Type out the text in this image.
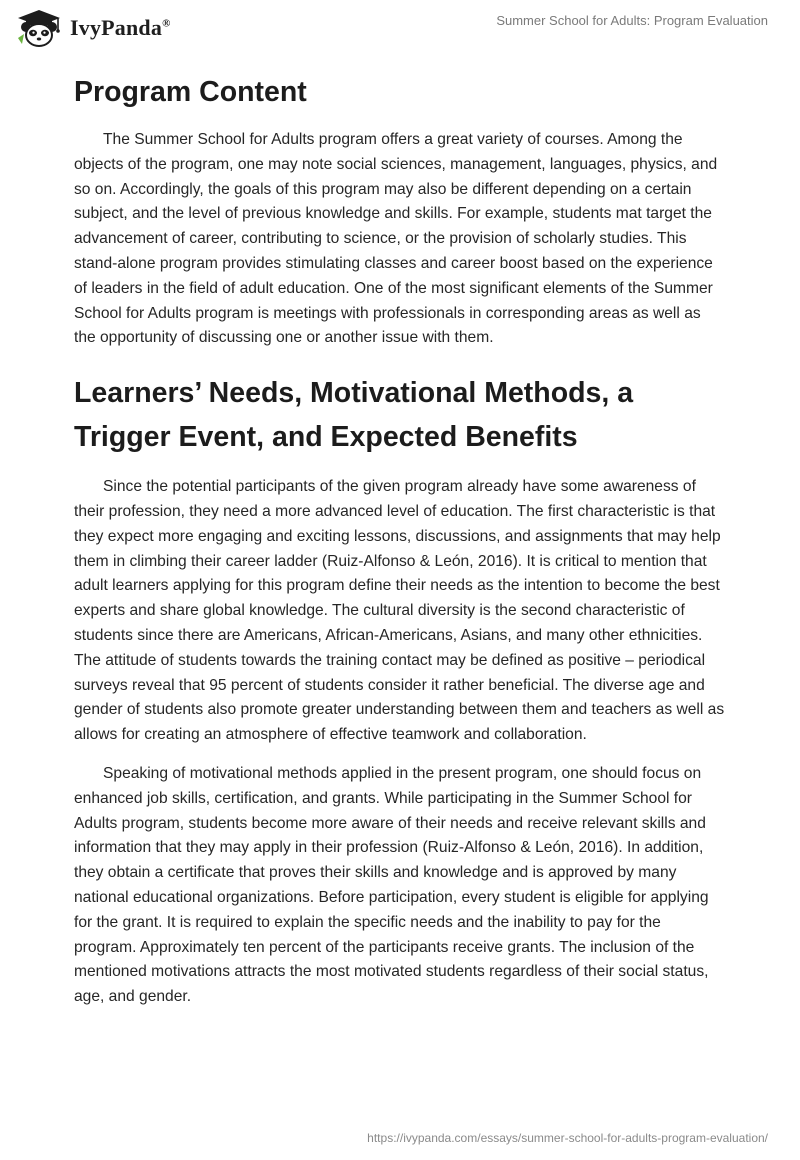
IvyPanda®	Summer School for Adults: Program Evaluation
Program Content

The Summer School for Adults program offers a great variety of courses. Among the objects of the program, one may note social sciences, management, languages, physics, and so on. Accordingly, the goals of this program may also be different depending on a certain subject, and the level of previous knowledge and skills. For example, students mat target the advancement of career, contributing to science, or the provision of scholarly studies. This stand-alone program provides stimulating classes and career boost based on the experience of leaders in the field of adult education. One of the most significant elements of the Summer School for Adults program is meetings with professionals in corresponding areas as well as the opportunity of discussing one or another issue with them.

Learners’ Needs, Motivational Methods, a Trigger Event, and Expected Benefits

Since the potential participants of the given program already have some awareness of their profession, they need a more advanced level of education. The first characteristic is that they expect more engaging and exciting lessons, discussions, and assignments that may help them in climbing their career ladder (Ruiz-Alfonso & León, 2016). It is critical to mention that adult learners applying for this program define their needs as the intention to become the best experts and share global knowledge. The cultural diversity is the second characteristic of students since there are Americans, African-Americans, Asians, and many other ethnicities. The attitude of students towards the training contact may be defined as positive – periodical surveys reveal that 95 percent of students consider it rather beneficial. The diverse age and gender of students also promote greater understanding between them and teachers as well as allows for creating an atmosphere of effective teamwork and collaboration.

Speaking of motivational methods applied in the present program, one should focus on enhanced job skills, certification, and grants. While participating in the Summer School for Adults program, students become more aware of their needs and receive relevant skills and information that they may apply in their profession (Ruiz-Alfonso & León, 2016). In addition, they obtain a certificate that proves their skills and knowledge and is approved by many national educational organizations. Before participation, every student is eligible for applying for the grant. It is required to explain the specific needs and the inability to pay for the program. Approximately ten percent of the participants receive grants. The inclusion of the mentioned motivations attracts the most motivated students regardless of their social status, age, and gender.

https://ivypanda.com/essays/summer-school-for-adults-program-evaluation/
